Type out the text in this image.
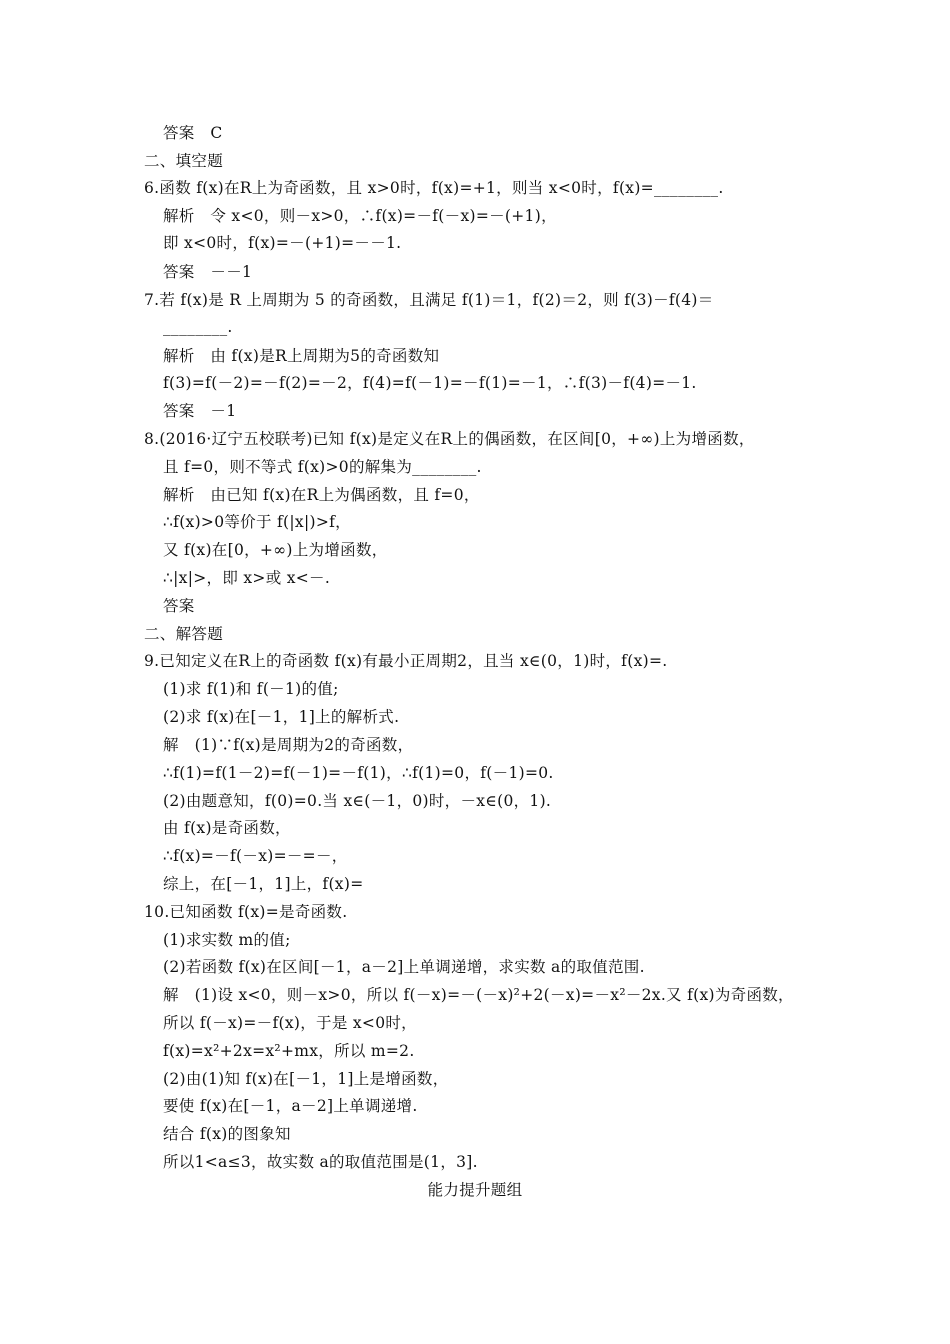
答案　C
二、填空题
6.函数 f(x)在R上为奇函数，且 x>0时，f(x)=+1，则当 x<0时，f(x)=________.
解析　令 x<0，则－x>0，∴f(x)=－f(－x)=－(+1)，
即 x<0时，f(x)=－(+1)=－－1.
答案　－－1
7.若 f(x)是 R 上周期为 5 的奇函数，且满足 f(1)＝1，f(2)＝2，则 f(3)－f(4)＝
________.
解析　由 f(x)是R上周期为5的奇函数知
f(3)=f(－2)=－f(2)=－2，f(4)=f(－1)=－f(1)=－1，∴f(3)－f(4)=－1.
答案　－1
8.(2016·辽宁五校联考)已知 f(x)是定义在R上的偶函数，在区间[0，+∞)上为增函数，
且 f=0，则不等式 f(x)>0的解集为________.
解析　由已知 f(x)在R上为偶函数，且 f=0，
∴f(x)>0等价于 f(|x|)>f，
又 f(x)在[0，+∞)上为增函数，
∴|x|>，即 x>或 x<－.
答案
二、解答题
9.已知定义在R上的奇函数 f(x)有最小正周期2，且当 x∈(0，1)时，f(x)=.
(1)求 f(1)和 f(－1)的值;
(2)求 f(x)在[－1，1]上的解析式.
解　(1)∵f(x)是周期为2的奇函数，
∴f(1)=f(1－2)=f(－1)=－f(1)，∴f(1)=0，f(－1)=0.
(2)由题意知，f(0)=0.当 x∈(－1，0)时，－x∈(0，1).
由 f(x)是奇函数，
∴f(x)=－f(－x)=－=－，
综上，在[－1，1]上，f(x)=
10.已知函数 f(x)=是奇函数.
(1)求实数 m的值;
(2)若函数 f(x)在区间[－1，a－2]上单调递增，求实数 a的取值范围.
解　(1)设 x<0，则－x>0，所以 f(－x)=－(－x)²+2(－x)=－x²－2x.又 f(x)为奇函数，
所以 f(－x)=－f(x)，于是 x<0时，
f(x)=x²+2x=x²+mx，所以 m=2.
(2)由(1)知 f(x)在[－1，1]上是增函数，
要使 f(x)在[－1，a－2]上单调递增.
结合 f(x)的图象知
所以1<a≤3，故实数 a的取值范围是(1，3].
能力提升题组
